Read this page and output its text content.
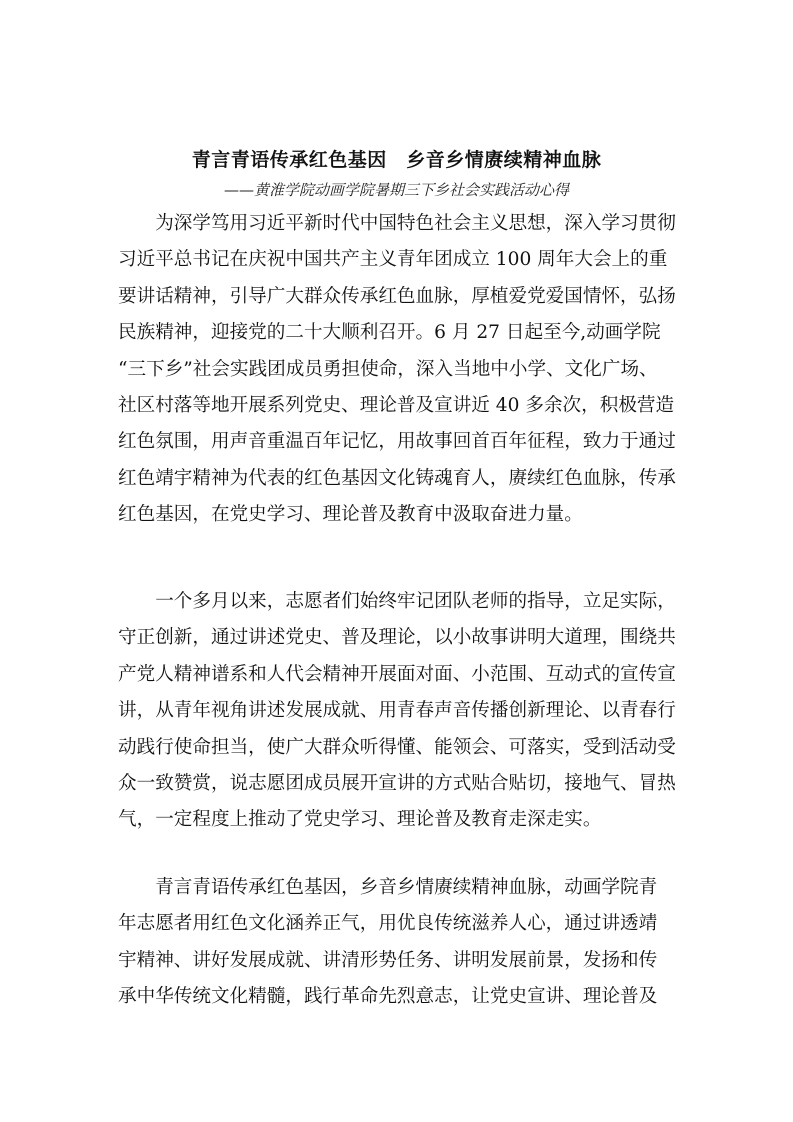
青言青语传承红色基因　乡音乡情赓续精神血脉
——黄淮学院动画学院暑期三下乡社会实践活动心得
为深学笃用习近平新时代中国特色社会主义思想，深入学习贯彻
习近平总书记在庆祝中国共产主义青年团成立 100 周年大会上的重
要讲话精神，引导广大群众传承红色血脉，厚植爱党爱国情怀，弘扬
民族精神，迎接党的二十大顺利召开。6 月 27 日起至今,动画学院
“三下乡”社会实践团成员勇担使命，深入当地中小学、文化广场、
社区村落等地开展系列党史、理论普及宣讲近 40 多余次，积极营造
红色氛围，用声音重温百年记忆，用故事回首百年征程，致力于通过
红色靖宇精神为代表的红色基因文化铸魂育人，赓续红色血脉，传承
红色基因，在党史学习、理论普及教育中汲取奋进力量。
一个多月以来，志愿者们始终牢记团队老师的指导，立足实际，
守正创新，通过讲述党史、普及理论，以小故事讲明大道理，围绕共
产党人精神谱系和人代会精神开展面对面、小范围、互动式的宣传宣
讲，从青年视角讲述发展成就、用青春声音传播创新理论、以青春行
动践行使命担当，使广大群众听得懂、能领会、可落实，受到活动受
众一致赞赏，说志愿团成员展开宣讲的方式贴合贴切，接地气、冒热
气，一定程度上推动了党史学习、理论普及教育走深走实。
青言青语传承红色基因，乡音乡情赓续精神血脉，动画学院青
年志愿者用红色文化涵养正气，用优良传统滋养人心，通过讲透靖
宇精神、讲好发展成就、讲清形势任务、讲明发展前景，发扬和传
承中华传统文化精髓，践行革命先烈意志，让党史宣讲、理论普及
